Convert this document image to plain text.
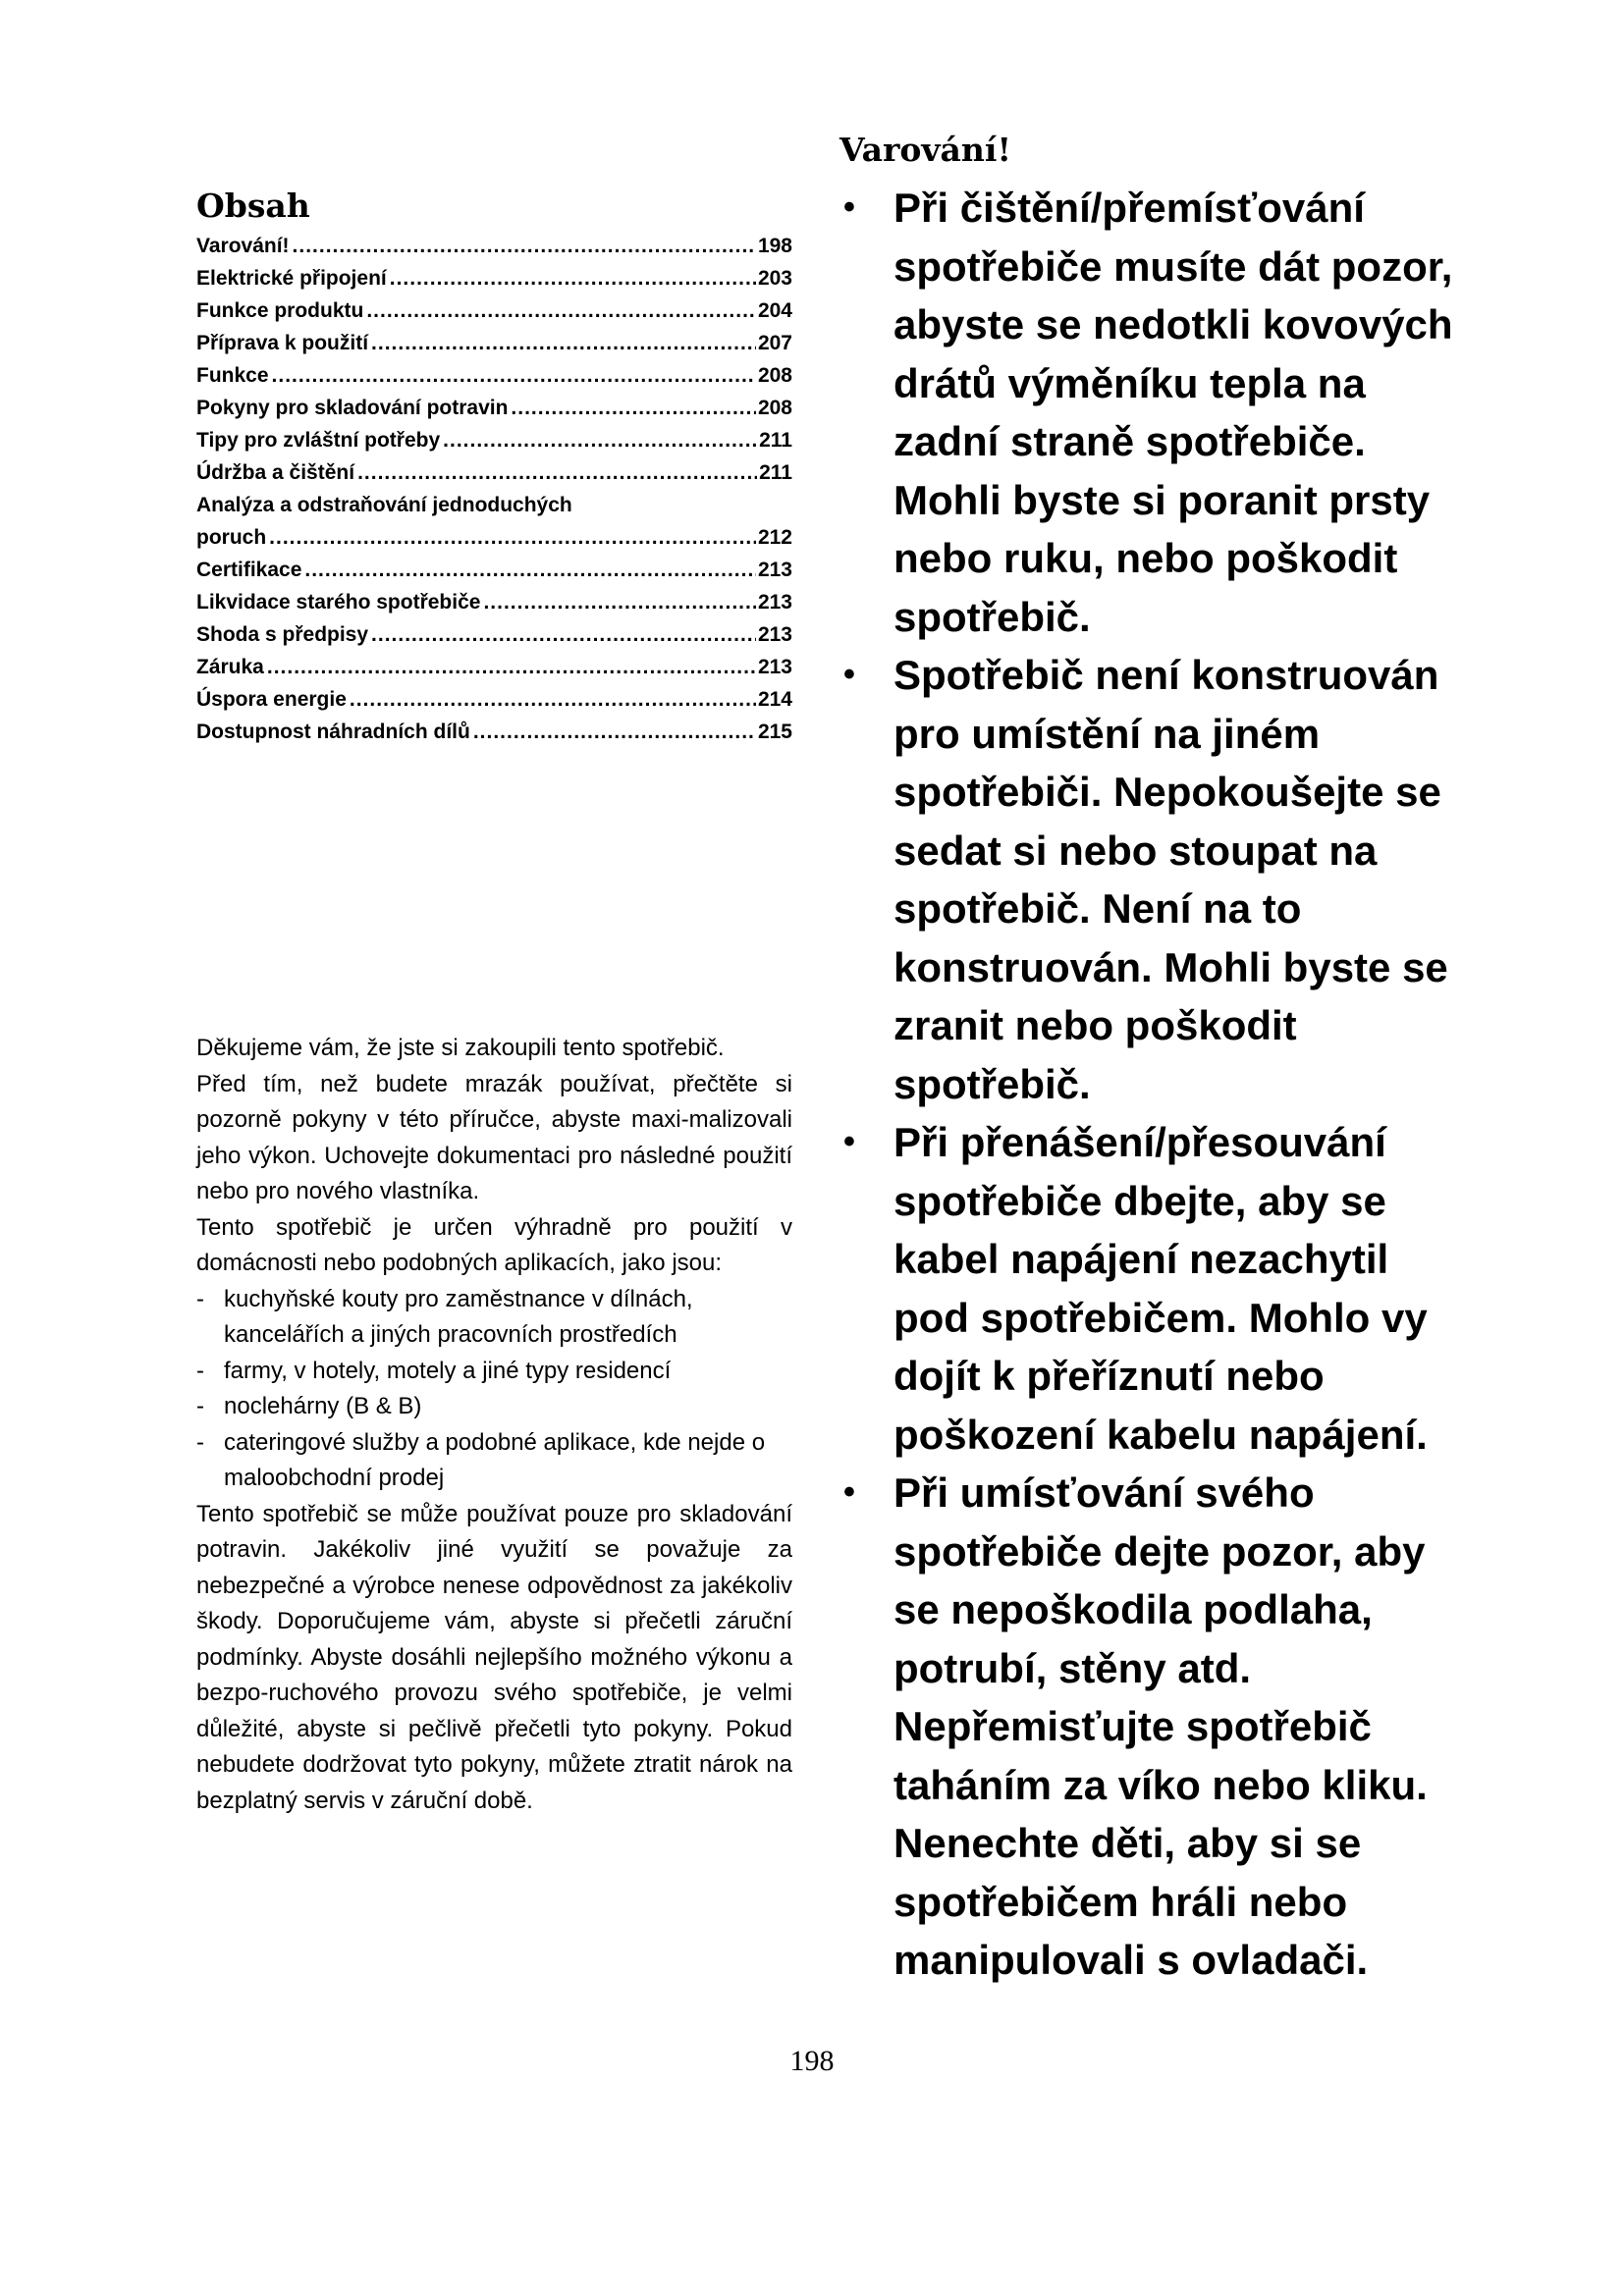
Obsah
Varování! .....	198
Elektrické připojení .....	203
Funkce produktu .....	204
Příprava k použití .....	207
Funkce .....	208
Pokyny pro skladování potravin .....	208
Tipy pro zvláštní potřeby .....	211
Údržba a čištění .....	211
Analýza a odstraňování jednoduchých
poruch .....	212
Certifikace .....	213
Likvidace starého spotřebiče .....	213
Shoda s předpisy .....	213
Záruka .....	213
Úspora energie .....	214
Dostupnost náhradních dílů .....	215

Děkujeme vám, že jste si zakoupili tento spotřebič.

Před tím, než budete mrazák používat, přečtěte si pozorně pokyny v této příručce, abyste maxi-malizovali jeho výkon. Uchovejte dokumentaci pro následné použití nebo pro nového vlastníka.

Tento spotřebič je určen výhradně pro použití v domácnosti nebo podobných aplikacích, jako jsou:

- kuchyňské kouty pro zaměstnance v dílnách, kancelářích a jiných pracovních prostředích
- farmy, v hotely, motely a jiné typy residencí
- noclehárny (B & B)
- cateringové služby a podobné aplikace, kde nejde o maloobchodní prodej

Tento spotřebič se může používat pouze pro skladování potravin. Jakékoliv jiné využití se považuje za nebezpečné a výrobce nenese odpovědnost za jakékoliv škody. Doporučujeme vám, abyste si přečetli záruční podmínky. Abyste dosáhli nejlepšího možného výkonu a bezpo-ruchového provozu svého spotřebiče, je velmi důležité, abyste si pečlivě přečetli tyto pokyny. Pokud nebudete dodržovat tyto pokyny, můžete ztratit nárok na bezplatný servis v záruční době.

Varování!
• Při čištění/přemísťování spotřebiče musíte dát pozor, abyste se nedotkli kovových drátů výměníku tepla na zadní straně spotřebiče. Mohli byste si poranit prsty nebo ruku, nebo poškodit spotřebič.
• Spotřebič není konstruován pro umístění na jiném spotřebiči. Nepokoušejte se sedat si nebo stoupat na spotřebič. Není na to konstruován. Mohli byste se zranit nebo poškodit spotřebič.
• Při přenášení/přesouvání spotřebiče dbejte, aby se kabel napájení nezachytil pod spotřebičem. Mohlo vy dojít k přeříznutí nebo poškození kabelu napájení.
• Při umísťování svého spotřebiče dejte pozor, aby se nepoškodila podlaha, potrubí, stěny atd. Nepřemisťujte spotřebič taháním za víko nebo kliku. Nenechte děti, aby si se spotřebičem hráli nebo manipulovali s ovladači.
198
